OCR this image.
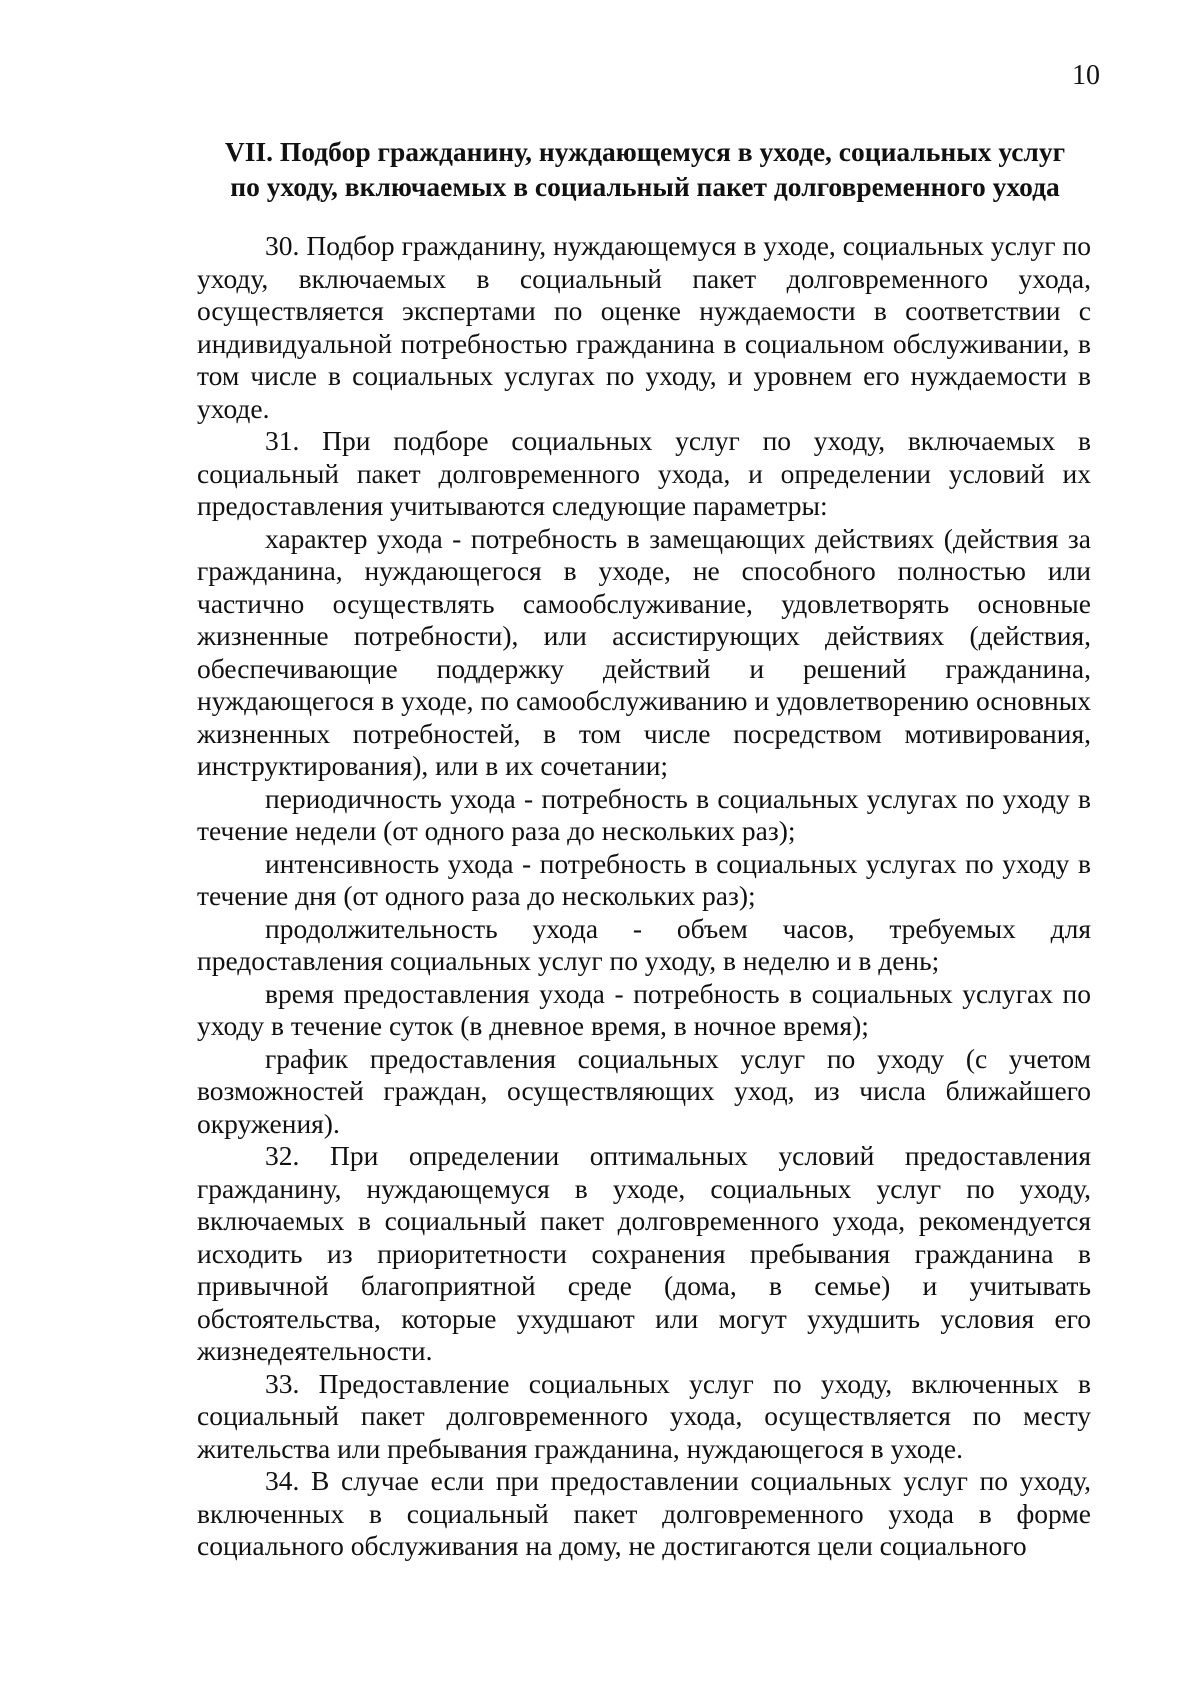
10
VII. Подбор гражданину, нуждающемуся в уходе, социальных услуг
по уходу, включаемых в социальный пакет долговременного ухода

30. Подбор гражданину, нуждающемуся в уходе, социальных услуг по уходу, включаемых в социальный пакет долговременного ухода, осуществляется экспертами по оценке нуждаемости в соответствии с индивидуальной потребностью гражданина в социальном обслуживании, в том числе в социальных услугах по уходу, и уровнем его нуждаемости в уходе.

31. При подборе социальных услуг по уходу, включаемых в социальный пакет долговременного ухода, и определении условий их предоставления учитываются следующие параметры:

характер ухода - потребность в замещающих действиях (действия за гражданина, нуждающегося в уходе, не способного полностью или частично осуществлять самообслуживание, удовлетворять основные жизненные потребности), или ассистирующих действиях (действия, обеспечивающие поддержку действий и решений гражданина, нуждающегося в уходе, по самообслуживанию и удовлетворению основных жизненных потребностей, в том числе посредством мотивирования, инструктирования), или в их сочетании;

периодичность ухода - потребность в социальных услугах по уходу в течение недели (от одного раза до нескольких раз);

интенсивность ухода - потребность в социальных услугах по уходу в течение дня (от одного раза до нескольких раз);

продолжительность ухода - объем часов, требуемых для предоставления социальных услуг по уходу, в неделю и в день;

время предоставления ухода - потребность в социальных услугах по уходу в течение суток (в дневное время, в ночное время);

график предоставления социальных услуг по уходу (с учетом возможностей граждан, осуществляющих уход, из числа ближайшего окружения).

32. При определении оптимальных условий предоставления гражданину, нуждающемуся в уходе, социальных услуг по уходу, включаемых в социальный пакет долговременного ухода, рекомендуется исходить из приоритетности сохранения пребывания гражданина в привычной благоприятной среде (дома, в семье) и учитывать обстоятельства, которые ухудшают или могут ухудшить условия его жизнедеятельности.

33. Предоставление социальных услуг по уходу, включенных в социальный пакет долговременного ухода, осуществляется по месту жительства или пребывания гражданина, нуждающегося в уходе.

34. В случае если при предоставлении социальных услуг по уходу, включенных в социальный пакет долговременного ухода в форме социального обслуживания на дому, не достигаются цели социального
